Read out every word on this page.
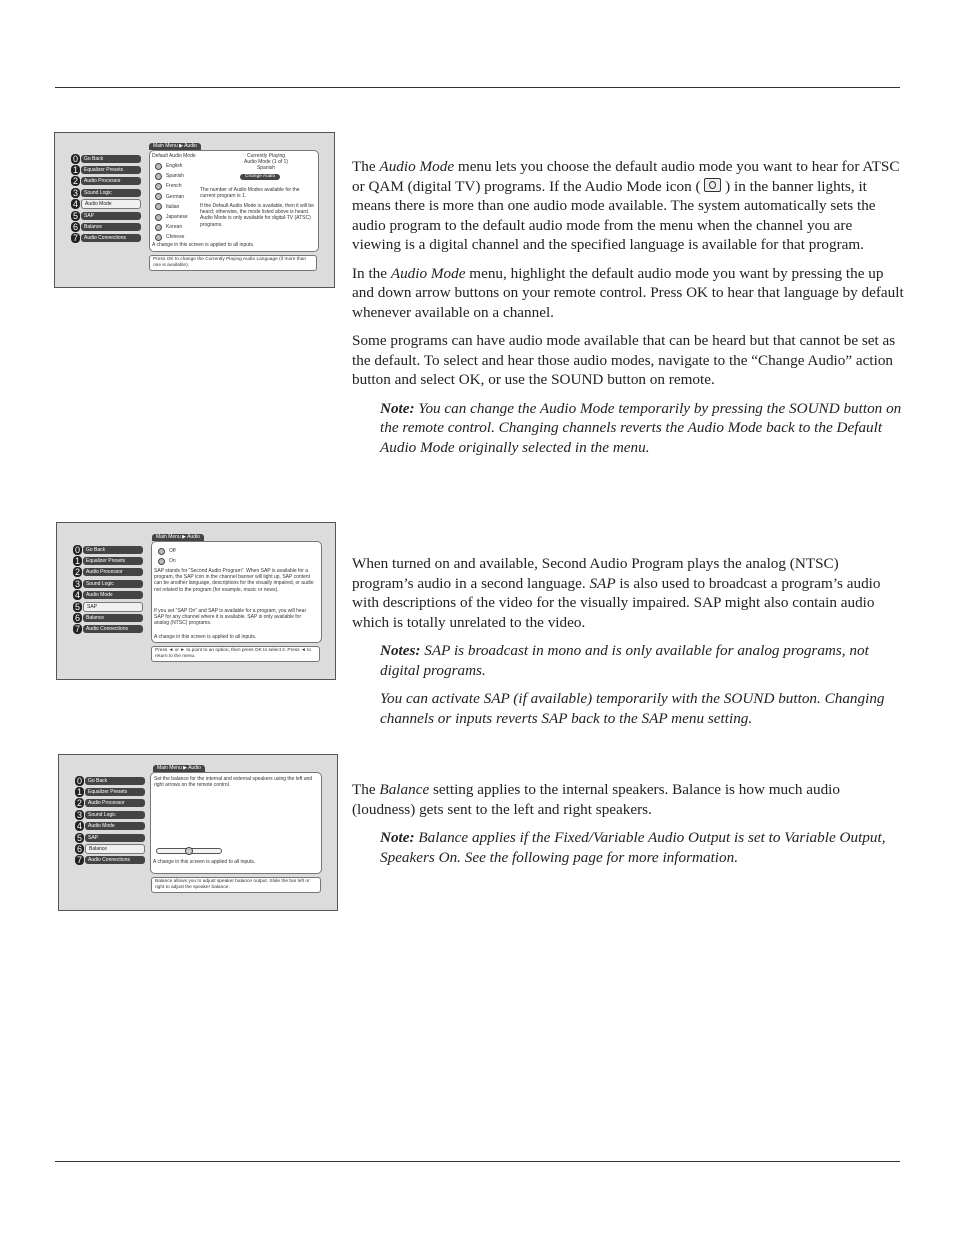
Main Menu ▶ Audio
0	Go Back
1	Equalizer Presets
2	Audio Processor
3	Sound Logic
4	Audio Mode
5	SAP
6	Balance
7	Audio Connections
Default Audio Mode	Currently Playing
Audio Mode (1 of 1)
Spanish
Change Audio
English
Spanish
French
German
Italian
Japanese
Korean
Chinese
The number of Audio Modes available for the current program is 1.
If the Default Audio Mode is available, then it will be heard; otherwise, the mode listed above is heard. Audio Mode is only available for digital-TV (ATSC) programs.
A change in this screen is applied to all inputs.
Press OK to change the Currently Playing Audio Language (if more than one is available).
Main Menu ▶ Audio
0	Go Back
1	Equalizer Presets
2	Audio Processor
3	Sound Logic
4	Audio Mode
5	SAP
6	Balance
7	Audio Connections
Off
On
SAP stands for “Second Audio Program”. When SAP is available for a program, the SAP icon in the channel banner will light up. SAP content can be another language, descriptions for the visually impaired, or audio not related to the program (for example, music or news).
If you set “SAP On” and SAP is available for a program, you will hear SAP for any channel where it is available. SAP is only available for analog (NTSC) programs.
A change in this screen is applied to all inputs.
Press ◄ or ► to point to an option, then press OK to select it. Press ◄ to return to the menu.
Main Menu ▶ Audio
0	Go Back
1	Equalizer Presets
2	Audio Processor
3	Sound Logic
4	Audio Mode
5	SAP
6	Balance
7	Audio Connections
Set the balance for the internal and external speakers using the left and right arrows on the remote control.
A change in this screen is applied to all inputs.
Balance allows you to adjust speaker balance output. Slide the bar left or right to adjust the speaker balance.

The Audio Mode menu lets you choose the default audio mode you want to hear for ATSC or QAM (digital TV) programs. If the Audio Mode icon (  ) in the banner lights, it means there is more than one audio mode available. The system automatically sets the audio program to the default audio mode from the menu when the channel you are viewing is a digital channel and the specified language is available for that program.

In the Audio Mode menu, highlight the default audio mode you want by pressing the up and down arrow buttons on your remote control. Press OK to hear that language by default whenever available on a channel.

Some programs can have audio mode available that can be heard but that cannot be set as the default. To select and hear those audio modes, navigate to the “Change Audio” action button and select OK, or use the SOUND button on remote.

Note: You can change the Audio Mode temporarily by pressing the SOUND button on the remote control. Changing channels reverts the Audio Mode back to the Default Audio Mode originally selected in the menu.

When turned on and available, Second Audio Program plays the analog (NTSC) program’s audio in a second language. SAP is also used to broadcast a program’s audio with descriptions of the video for the visually impaired. SAP might also contain audio which is totally unrelated to the video.

Notes: SAP is broadcast in mono and is only available for analog programs, not digital programs.

You can activate SAP (if available) temporarily with the SOUND button. Changing channels or inputs reverts SAP back to the SAP menu setting.

The Balance setting applies to the internal speakers. Balance is how much audio (loudness) gets sent to the left and right speakers.

Note: Balance applies if the Fixed/Variable Audio Output is set to Variable Output, Speakers On. See the following page for more information.
